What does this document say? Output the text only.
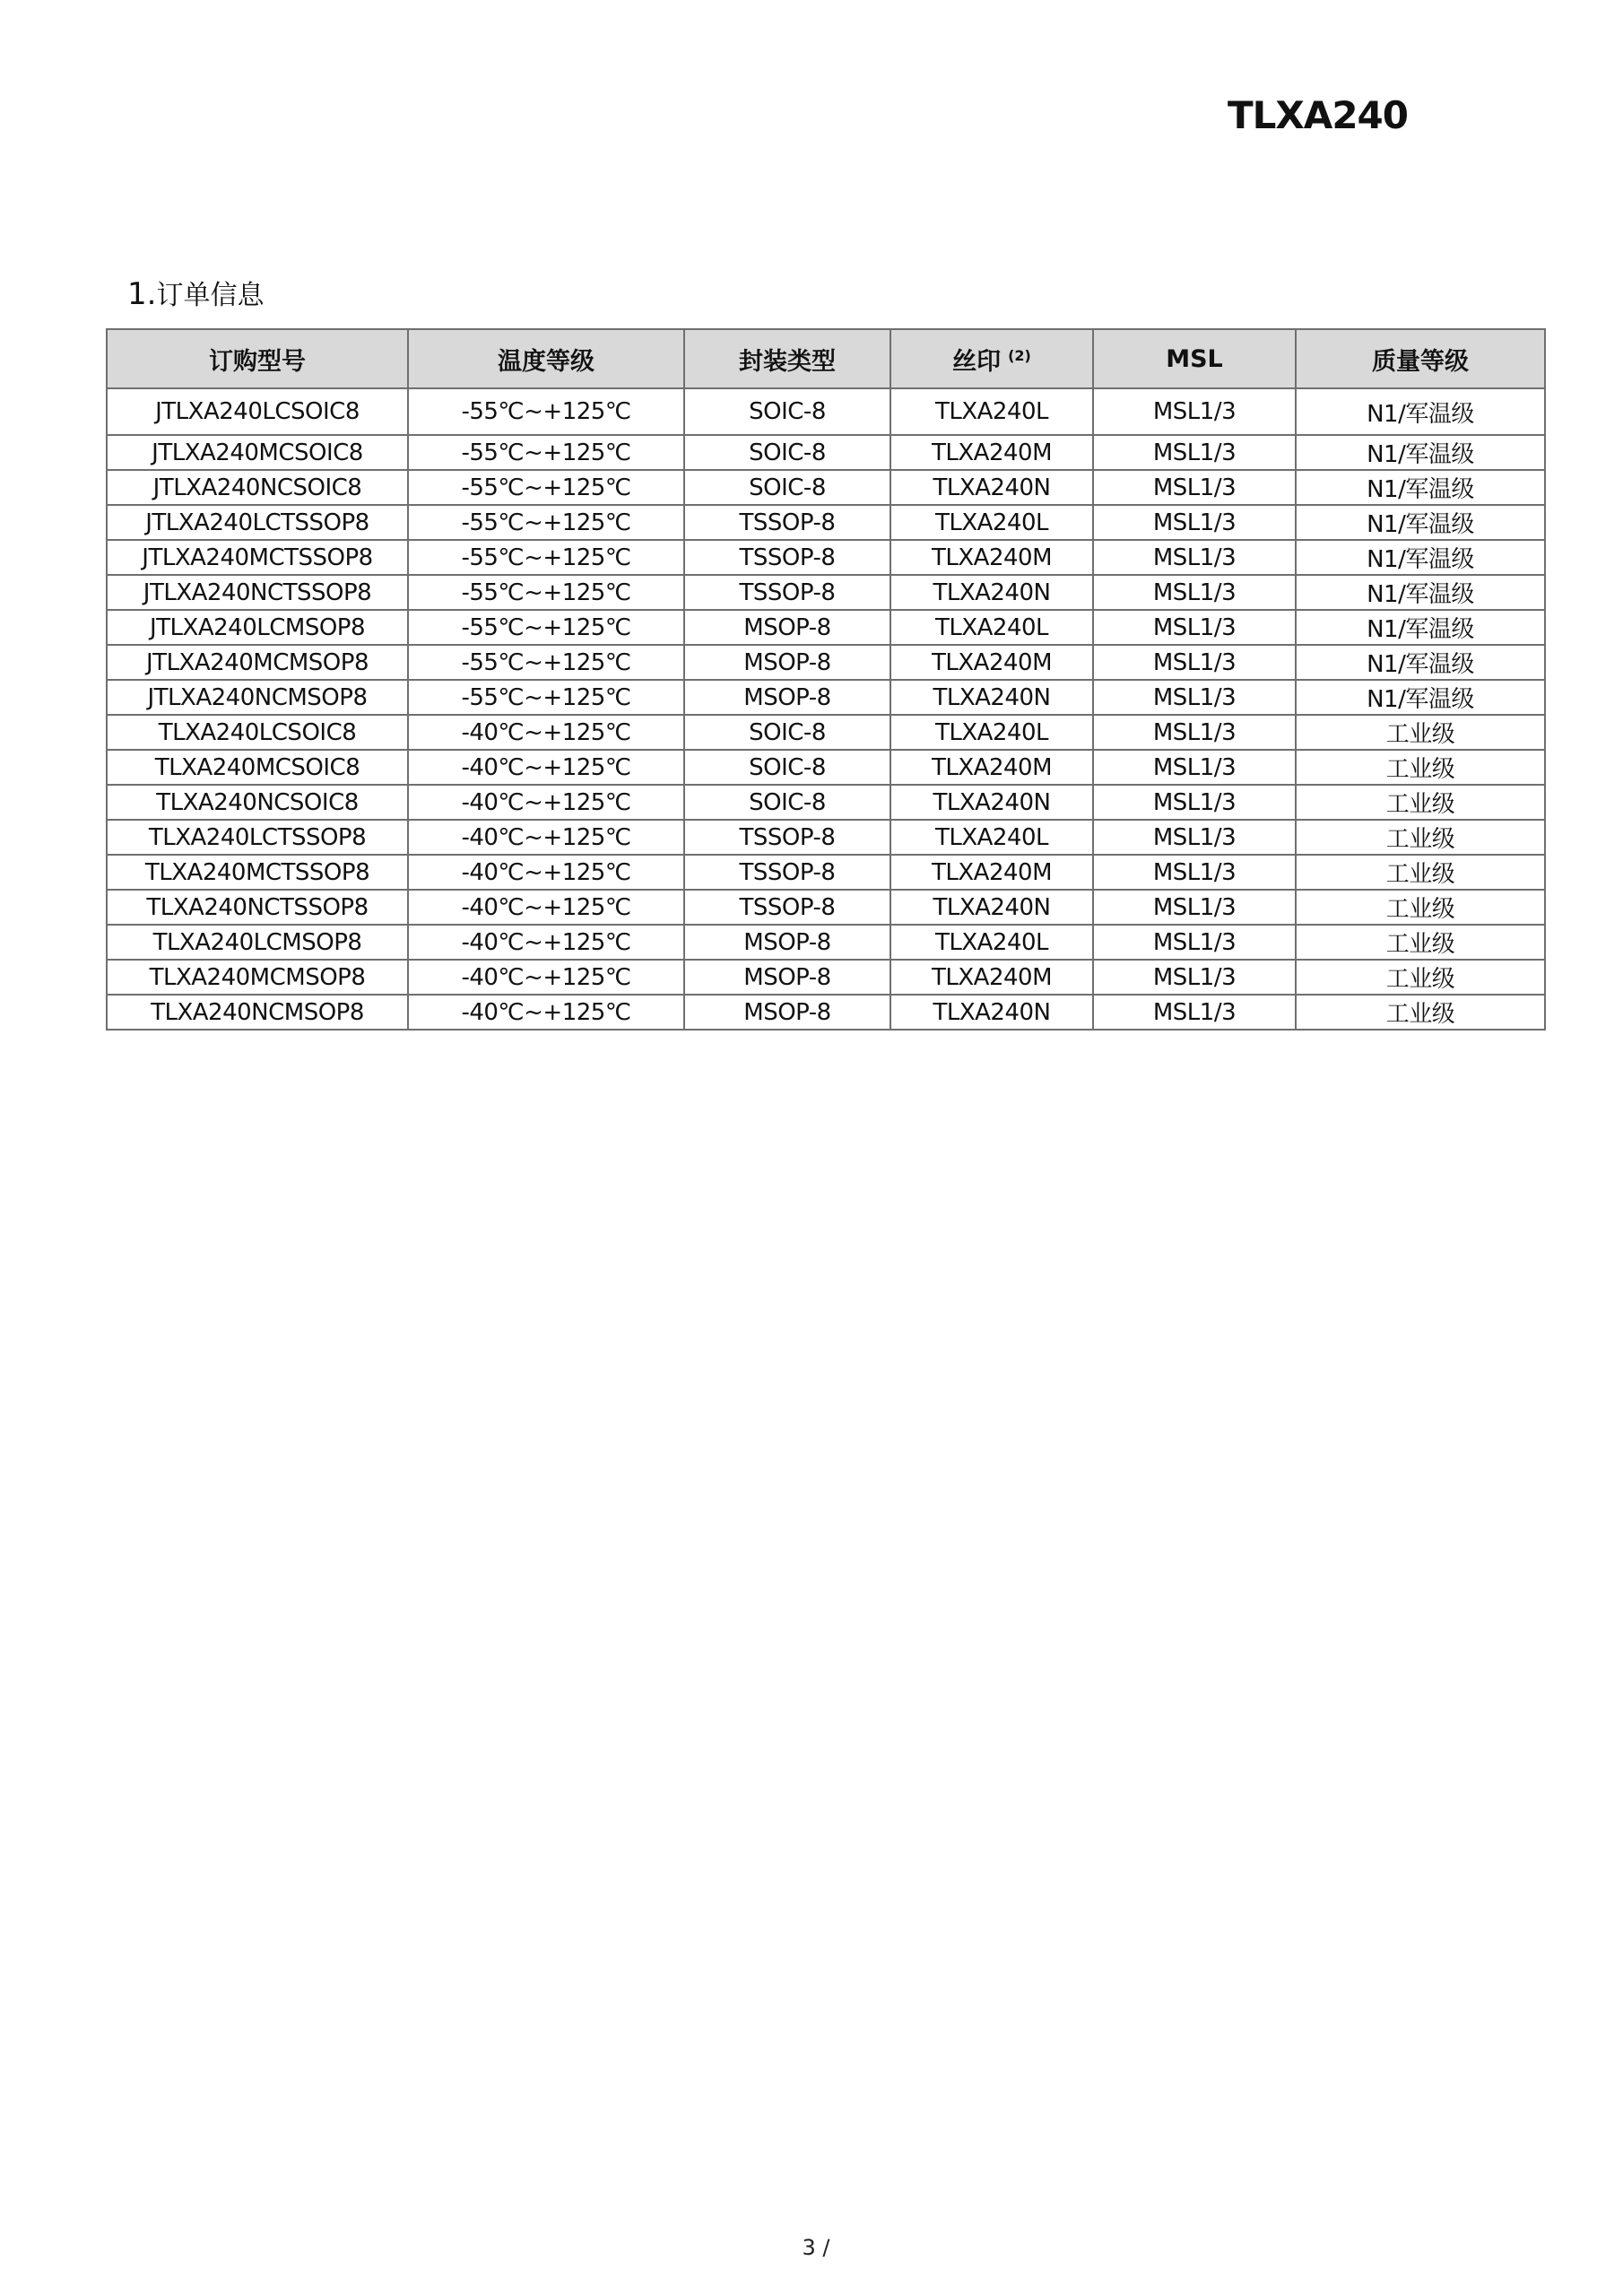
TLXA240
1.订单信息
订购型号	温度等级	封装类型	丝印 $^{(2)}$	MSL	质量等级
JTLXA240LCSOIC8	-55℃~+125℃	SOIC-8	TLXA240L	MSL1/3	N1/军温级
JTLXA240MCSOIC8	-55℃~+125℃	SOIC-8	TLXA240M	MSL1/3	N1/军温级
JTLXA240NCSOIC8	-55℃~+125℃	SOIC-8	TLXA240N	MSL1/3	N1/军温级
JTLXA240LCTSSOP8	-55℃~+125℃	TSSOP-8	TLXA240L	MSL1/3	N1/军温级
JTLXA240MCTSSOP8	-55℃~+125℃	TSSOP-8	TLXA240M	MSL1/3	N1/军温级
JTLXA240NCTSSOP8	-55℃~+125℃	TSSOP-8	TLXA240N	MSL1/3	N1/军温级
JTLXA240LCMSOP8	-55℃~+125℃	MSOP-8	TLXA240L	MSL1/3	N1/军温级
JTLXA240MCMSOP8	-55℃~+125℃	MSOP-8	TLXA240M	MSL1/3	N1/军温级
JTLXA240NCMSOP8	-55℃~+125℃	MSOP-8	TLXA240N	MSL1/3	N1/军温级
TLXA240LCSOIC8	-40℃~+125℃	SOIC-8	TLXA240L	MSL1/3	工业级
TLXA240MCSOIC8	-40℃~+125℃	SOIC-8	TLXA240M	MSL1/3	工业级
TLXA240NCSOIC8	-40℃~+125℃	SOIC-8	TLXA240N	MSL1/3	工业级
TLXA240LCTSSOP8	-40℃~+125℃	TSSOP-8	TLXA240L	MSL1/3	工业级
TLXA240MCTSSOP8	-40℃~+125℃	TSSOP-8	TLXA240M	MSL1/3	工业级
TLXA240NCTSSOP8	-40℃~+125℃	TSSOP-8	TLXA240N	MSL1/3	工业级
TLXA240LCMSOP8	-40℃~+125℃	MSOP-8	TLXA240L	MSL1/3	工业级
TLXA240MCMSOP8	-40℃~+125℃	MSOP-8	TLXA240M	MSL1/3	工业级
TLXA240NCMSOP8	-40℃~+125℃	MSOP-8	TLXA240N	MSL1/3	工业级
3 /
